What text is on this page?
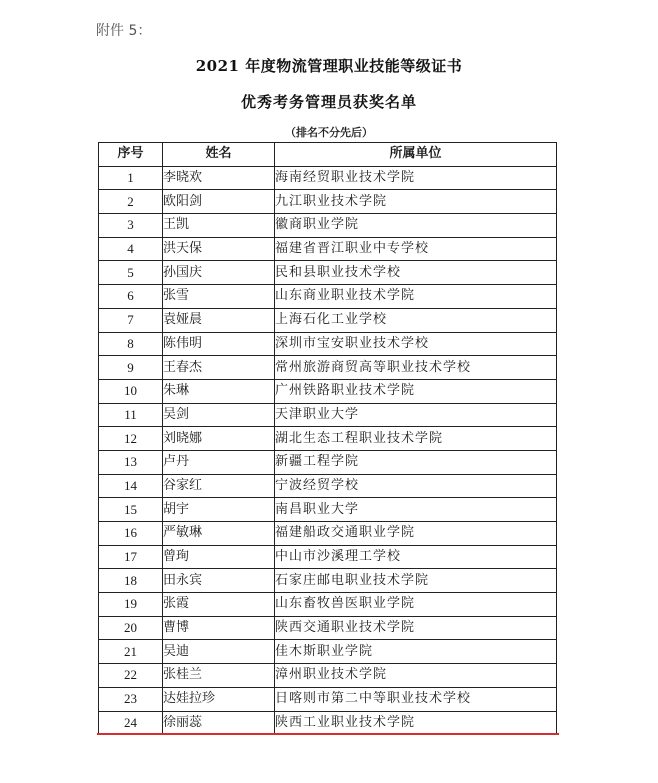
附件 5：
2021 年度物流管理职业技能等级证书
优秀考务管理员获奖名单
（排名不分先后）
序号	姓名	所属单位
1	李晓欢	海南经贸职业技术学院
2	欧阳剑	九江职业技术学院
3	王凯	徽商职业学院
4	洪天保	福建省晋江职业中专学校
5	孙国庆	民和县职业技术学校
6	张雪	山东商业职业技术学院
7	袁娅晨	上海石化工业学校
8	陈伟明	深圳市宝安职业技术学校
9	王春杰	常州旅游商贸高等职业技术学校
10	朱琳	广州铁路职业技术学院
11	吴剑	天津职业大学
12	刘晓娜	湖北生态工程职业技术学院
13	卢丹	新疆工程学院
14	谷家红	宁波经贸学校
15	胡宇	南昌职业大学
16	严敏琳	福建船政交通职业学院
17	曾珣	中山市沙溪理工学校
18	田永宾	石家庄邮电职业技术学院
19	张霞	山东畜牧兽医职业学院
20	曹博	陕西交通职业技术学院
21	吴迪	佳木斯职业学院
22	张桂兰	漳州职业技术学院
23	达娃拉珍	日喀则市第二中等职业技术学校
24	徐丽蕊	陕西工业职业技术学院
